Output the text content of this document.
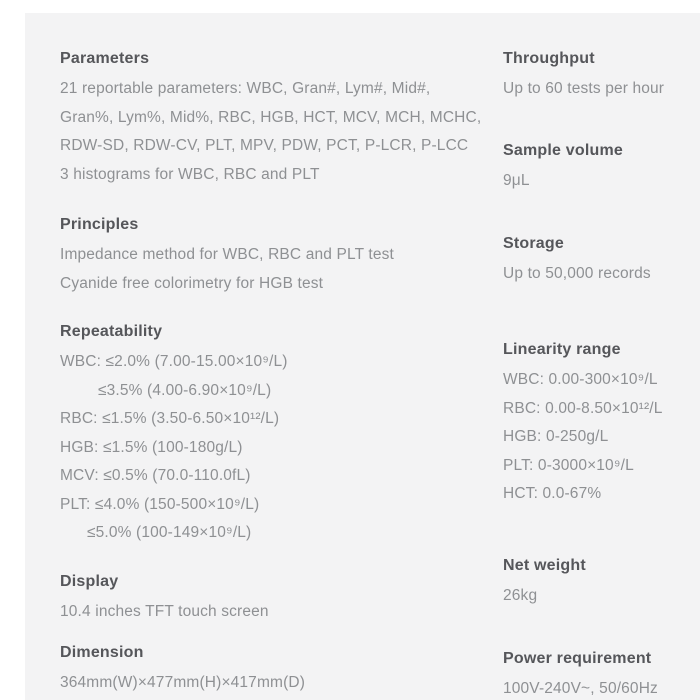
Parameters
21 reportable parameters: WBC, Gran#, Lym#, Mid#,
Gran%, Lym%, Mid%, RBC, HGB, HCT, MCV, MCH, MCHC,
RDW-SD, RDW-CV, PLT, MPV, PDW, PCT, P-LCR, P-LCC
3 histograms for WBC, RBC and PLT
Principles
Impedance method for WBC, RBC and PLT test
Cyanide free colorimetry for HGB test
Repeatability
WBC: ≤2.0% (7.00-15.00×10⁹/L)
≤3.5% (4.00-6.90×10⁹/L)
RBC: ≤1.5% (3.50-6.50×10¹²/L)
HGB: ≤1.5% (100-180g/L)
MCV: ≤0.5% (70.0-110.0fL)
PLT: ≤4.0% (150-500×10⁹/L)
≤5.0% (100-149×10⁹/L)
Display
10.4 inches TFT touch screen
Dimension
364mm(W)×477mm(H)×417mm(D)
Throughput
Up to 60 tests per hour
Sample volume
9μL
Storage
Up to 50,000 records
Linearity range
WBC: 0.00-300×10⁹/L
RBC: 0.00-8.50×10¹²/L
HGB: 0-250g/L
PLT: 0-3000×10⁹/L
HCT: 0.0-67%
Net weight
26kg
Power requirement
100V-240V~, 50/60Hz
